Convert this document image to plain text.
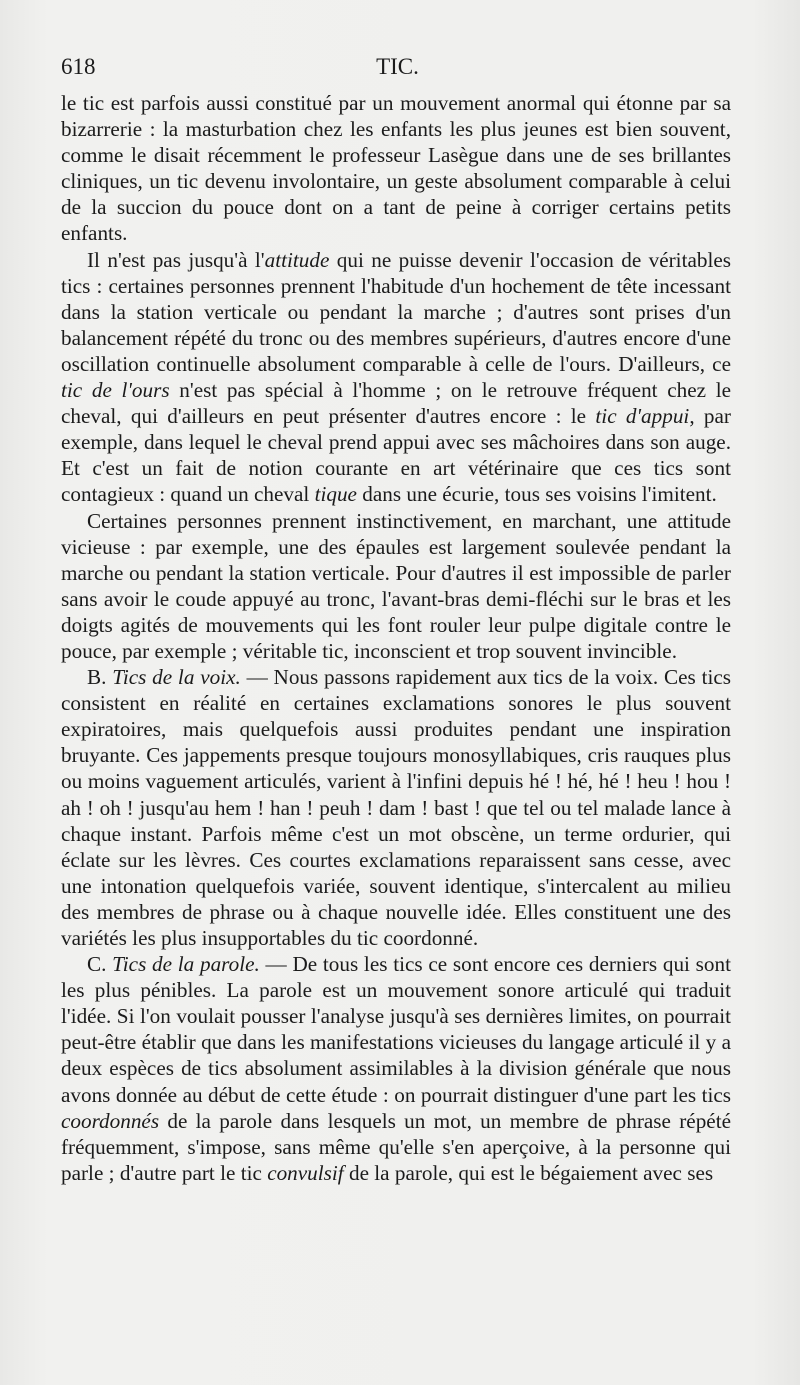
618	TIC.

le tic est parfois aussi constitué par un mouvement anormal qui étonne par sa bizarrerie : la masturbation chez les enfants les plus jeunes est bien souvent, comme le disait récemment le professeur Lasègue dans une de ses brillantes cliniques, un tic devenu involontaire, un geste absolument comparable à celui de la succion du pouce dont on a tant de peine à corriger certains petits enfants.

Il n'est pas jusqu'à l'attitude qui ne puisse devenir l'occasion de véritables tics : certaines personnes prennent l'habitude d'un hochement de tête incessant dans la station verticale ou pendant la marche ; d'autres sont prises d'un balancement répété du tronc ou des membres supérieurs, d'autres encore d'une oscillation continuelle absolument comparable à celle de l'ours. D'ailleurs, ce tic de l'ours n'est pas spécial à l'homme ; on le retrouve fréquent chez le cheval, qui d'ailleurs en peut présenter d'autres encore : le tic d'appui, par exemple, dans lequel le cheval prend appui avec ses mâchoires dans son auge. Et c'est un fait de notion courante en art vétérinaire que ces tics sont contagieux : quand un cheval tique dans une écurie, tous ses voisins l'imitent.

Certaines personnes prennent instinctivement, en marchant, une attitude vicieuse : par exemple, une des épaules est largement soulevée pendant la marche ou pendant la station verticale. Pour d'autres il est impossible de parler sans avoir le coude appuyé au tronc, l'avant-bras demi-fléchi sur le bras et les doigts agités de mouvements qui les font rouler leur pulpe digitale contre le pouce, par exemple ; véritable tic, inconscient et trop souvent invincible.

B. Tics de la voix. — Nous passons rapidement aux tics de la voix. Ces tics consistent en réalité en certaines exclamations sonores le plus souvent expiratoires, mais quelquefois aussi produites pendant une inspiration bruyante. Ces jappements presque toujours monosyllabiques, cris rauques plus ou moins vaguement articulés, varient à l'infini depuis hé ! hé, hé ! heu ! hou ! ah ! oh ! jusqu'au hem ! han ! peuh ! dam ! bast ! que tel ou tel malade lance à chaque instant. Parfois même c'est un mot obscène, un terme ordurier, qui éclate sur les lèvres. Ces courtes exclamations reparaissent sans cesse, avec une intonation quelquefois variée, souvent identique, s'intercalent au milieu des membres de phrase ou à chaque nouvelle idée. Elles constituent une des variétés les plus insupportables du tic coordonné.

C. Tics de la parole. — De tous les tics ce sont encore ces derniers qui sont les plus pénibles. La parole est un mouvement sonore articulé qui traduit l'idée. Si l'on voulait pousser l'analyse jusqu'à ses dernières limites, on pourrait peut-être établir que dans les manifestations vicieuses du langage articulé il y a deux espèces de tics absolument assimilables à la division générale que nous avons donnée au début de cette étude : on pourrait distinguer d'une part les tics coordonnés de la parole dans lesquels un mot, un membre de phrase répété fréquemment, s'impose, sans même qu'elle s'en aperçoive, à la personne qui parle ; d'autre part le tic convulsif de la parole, qui est le bégaiement avec ses
